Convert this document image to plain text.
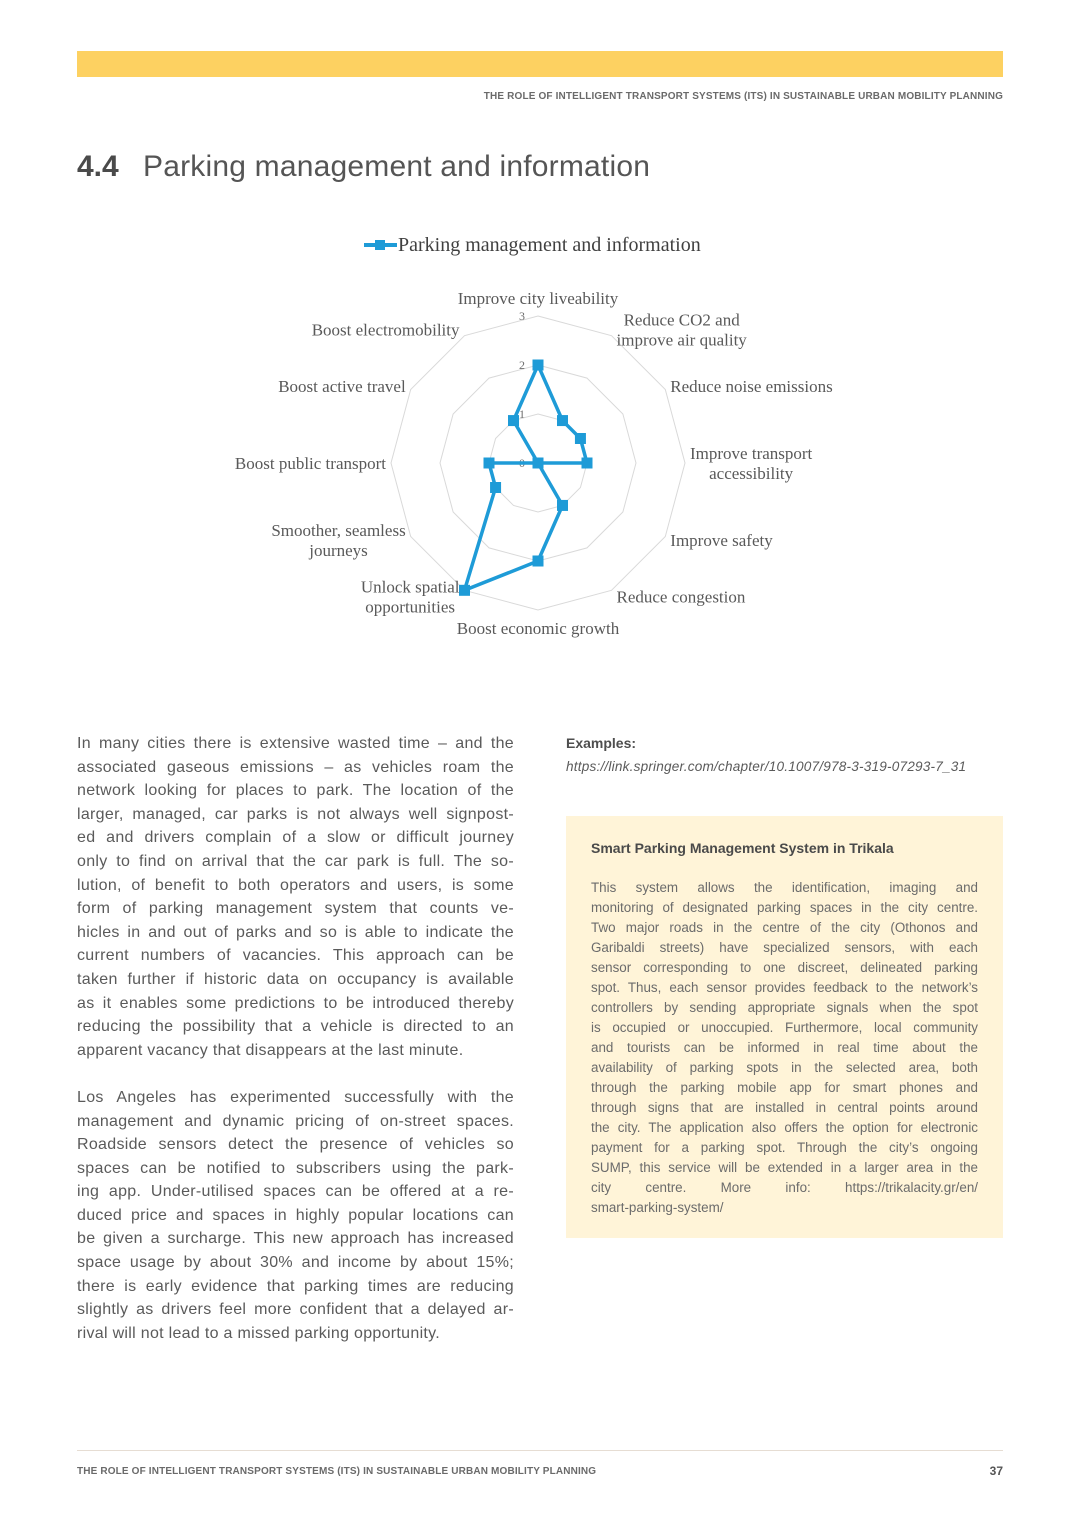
THE ROLE OF INTELLIGENT TRANSPORT SYSTEMS (ITS) IN SUSTAINABLE URBAN MOBILITY PLANNING
4.4 Parking management and information
Parking management and information
0
1
2
3
Improve city liveability
Reduce CO2 and
improve air quality
Reduce noise emissions
Improve transport
accessibility
Improve safety
Reduce congestion
Boost economic growth
Unlock spatial
opportunities
Smoother, seamless
journeys
Boost public transport
Boost active travel
Boost electromobility
In many cities there is extensive wasted time – and the
associated gaseous emissions – as vehicles roam the
network looking for places to park. The location of the
larger, managed, car parks is not always well signpost-
ed and drivers complain of a slow or difficult journey
only to find on arrival that the car park is full. The so-
lution, of benefit to both operators and users, is some
form of parking management system that counts ve-
hicles in and out of parks and so is able to indicate the
current numbers of vacancies. This approach can be
taken further if historic data on occupancy is available
as it enables some predictions to be introduced thereby
reducing the possibility that a vehicle is directed to an
apparent vacancy that disappears at the last minute.
Los Angeles has experimented successfully with the
management and dynamic pricing of on-street spaces.
Roadside sensors detect the presence of vehicles so
spaces can be notified to subscribers using the park-
ing app. Under-utilised spaces can be offered at a re-
duced price and spaces in highly popular locations can
be given a surcharge. This new approach has increased
space usage by about 30% and income by about 15%;
there is early evidence that parking times are reducing
slightly as drivers feel more confident that a delayed ar-
rival will not lead to a missed parking opportunity.
Examples:
https://link.springer.com/chapter/10.1007/978-3-319-07293-7_31
Smart Parking Management System in Trikala
This system allows the identification, imaging and
monitoring of designated parking spaces in the city centre.
Two major roads in the centre of the city (Othonos and
Garibaldi streets) have specialized sensors, with each
sensor corresponding to one discreet, delineated parking
spot. Thus, each sensor provides feedback to the network’s
controllers by sending appropriate signals when the spot
is occupied or unoccupied. Furthermore, local community
and tourists can be informed in real time about the
availability of parking spots in the selected area, both
through the parking mobile app for smart phones and
through signs that are installed in central points around
the city. The application also offers the option for electronic
payment for a parking spot. Through the city’s ongoing
SUMP, this service will be extended in a larger area in the
city centre. More info: https://trikalacity.gr/en/
smart-parking-system/
THE ROLE OF INTELLIGENT TRANSPORT SYSTEMS (ITS) IN SUSTAINABLE URBAN MOBILITY PLANNING	37
